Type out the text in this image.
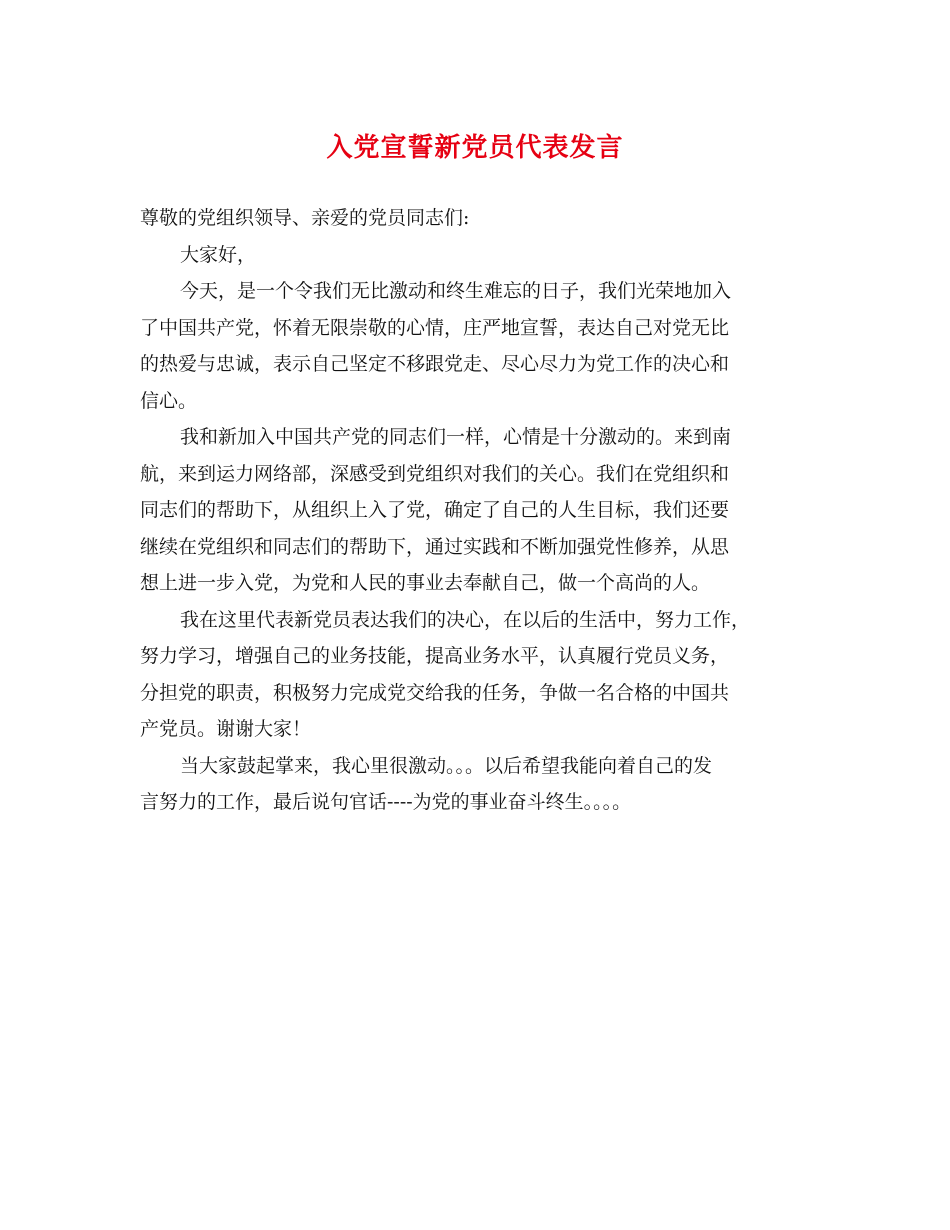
入党宣誓新党员代表发言
尊敬的党组织领导、亲爱的党员同志们:
大家好，
今天，是一个令我们无比激动和终生难忘的日子，我们光荣地加入
了中国共产党，怀着无限崇敬的心情，庄严地宣誓，表达自己对党无比
的热爱与忠诚，表示自己坚定不移跟党走、尽心尽力为党工作的决心和
信心。
我和新加入中国共产党的同志们一样，心情是十分激动的。来到南
航，来到运力网络部，深感受到党组织对我们的关心。我们在党组织和
同志们的帮助下，从组织上入了党，确定了自己的人生目标，我们还要
继续在党组织和同志们的帮助下，通过实践和不断加强党性修养，从思
想上进一步入党，为党和人民的事业去奉献自己，做一个高尚的人。
我在这里代表新党员表达我们的决心，在以后的生活中，努力工作，
努力学习，增强自己的业务技能，提高业务水平，认真履行党员义务，
分担党的职责，积极努力完成党交给我的任务，争做一名合格的中国共
产党员。谢谢大家！
当大家鼓起掌来，我心里很激动。。。以后希望我能向着自己的发
言努力的工作，最后说句官话----为党的事业奋斗终生。。。。
